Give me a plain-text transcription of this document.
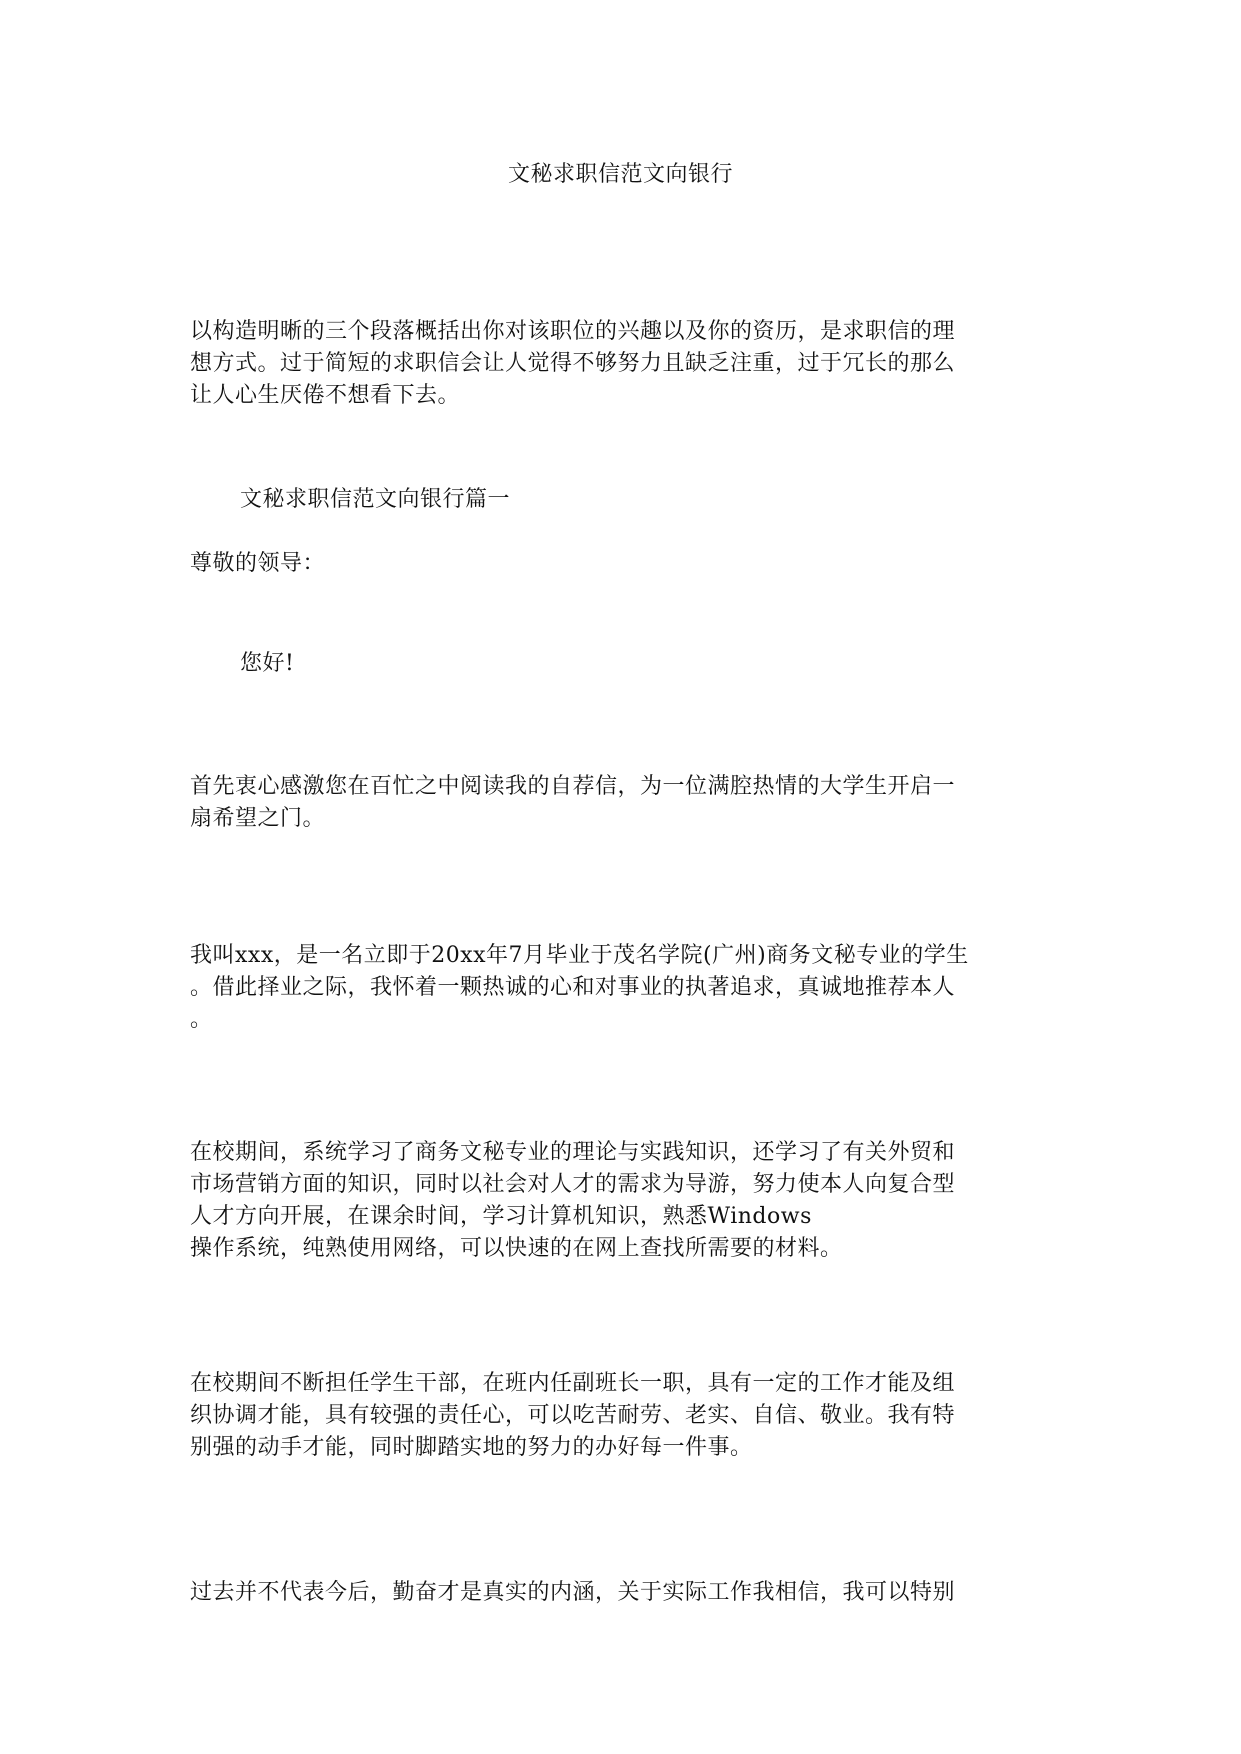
文秘求职信范文向银行
以构造明晰的三个段落概括出你对该职位的兴趣以及你的资历，是求职信的理
想方式。过于简短的求职信会让人觉得不够努力且缺乏注重，过于冗长的那么
让人心生厌倦不想看下去。
文秘求职信范文向银行篇一
尊敬的领导：
您好!
首先衷心感激您在百忙之中阅读我的自荐信，为一位满腔热情的大学生开启一
扇希望之门。
我叫xxx，是一名立即于20xx年7月毕业于茂名学院(广州)商务文秘专业的学生
。借此择业之际，我怀着一颗热诚的心和对事业的执著追求，真诚地推荐本人
。
在校期间，系统学习了商务文秘专业的理论与实践知识，还学习了有关外贸和
市场营销方面的知识，同时以社会对人才的需求为导游，努力使本人向复合型
人才方向开展，在课余时间，学习计算机知识，熟悉Windows
操作系统，纯熟使用网络，可以快速的在网上查找所需要的材料。
在校期间不断担任学生干部，在班内任副班长一职，具有一定的工作才能及组
织协调才能，具有较强的责任心，可以吃苦耐劳、老实、自信、敬业。我有特
别强的动手才能，同时脚踏实地的努力的办好每一件事。
过去并不代表今后，勤奋才是真实的内涵，关于实际工作我相信，我可以特别
